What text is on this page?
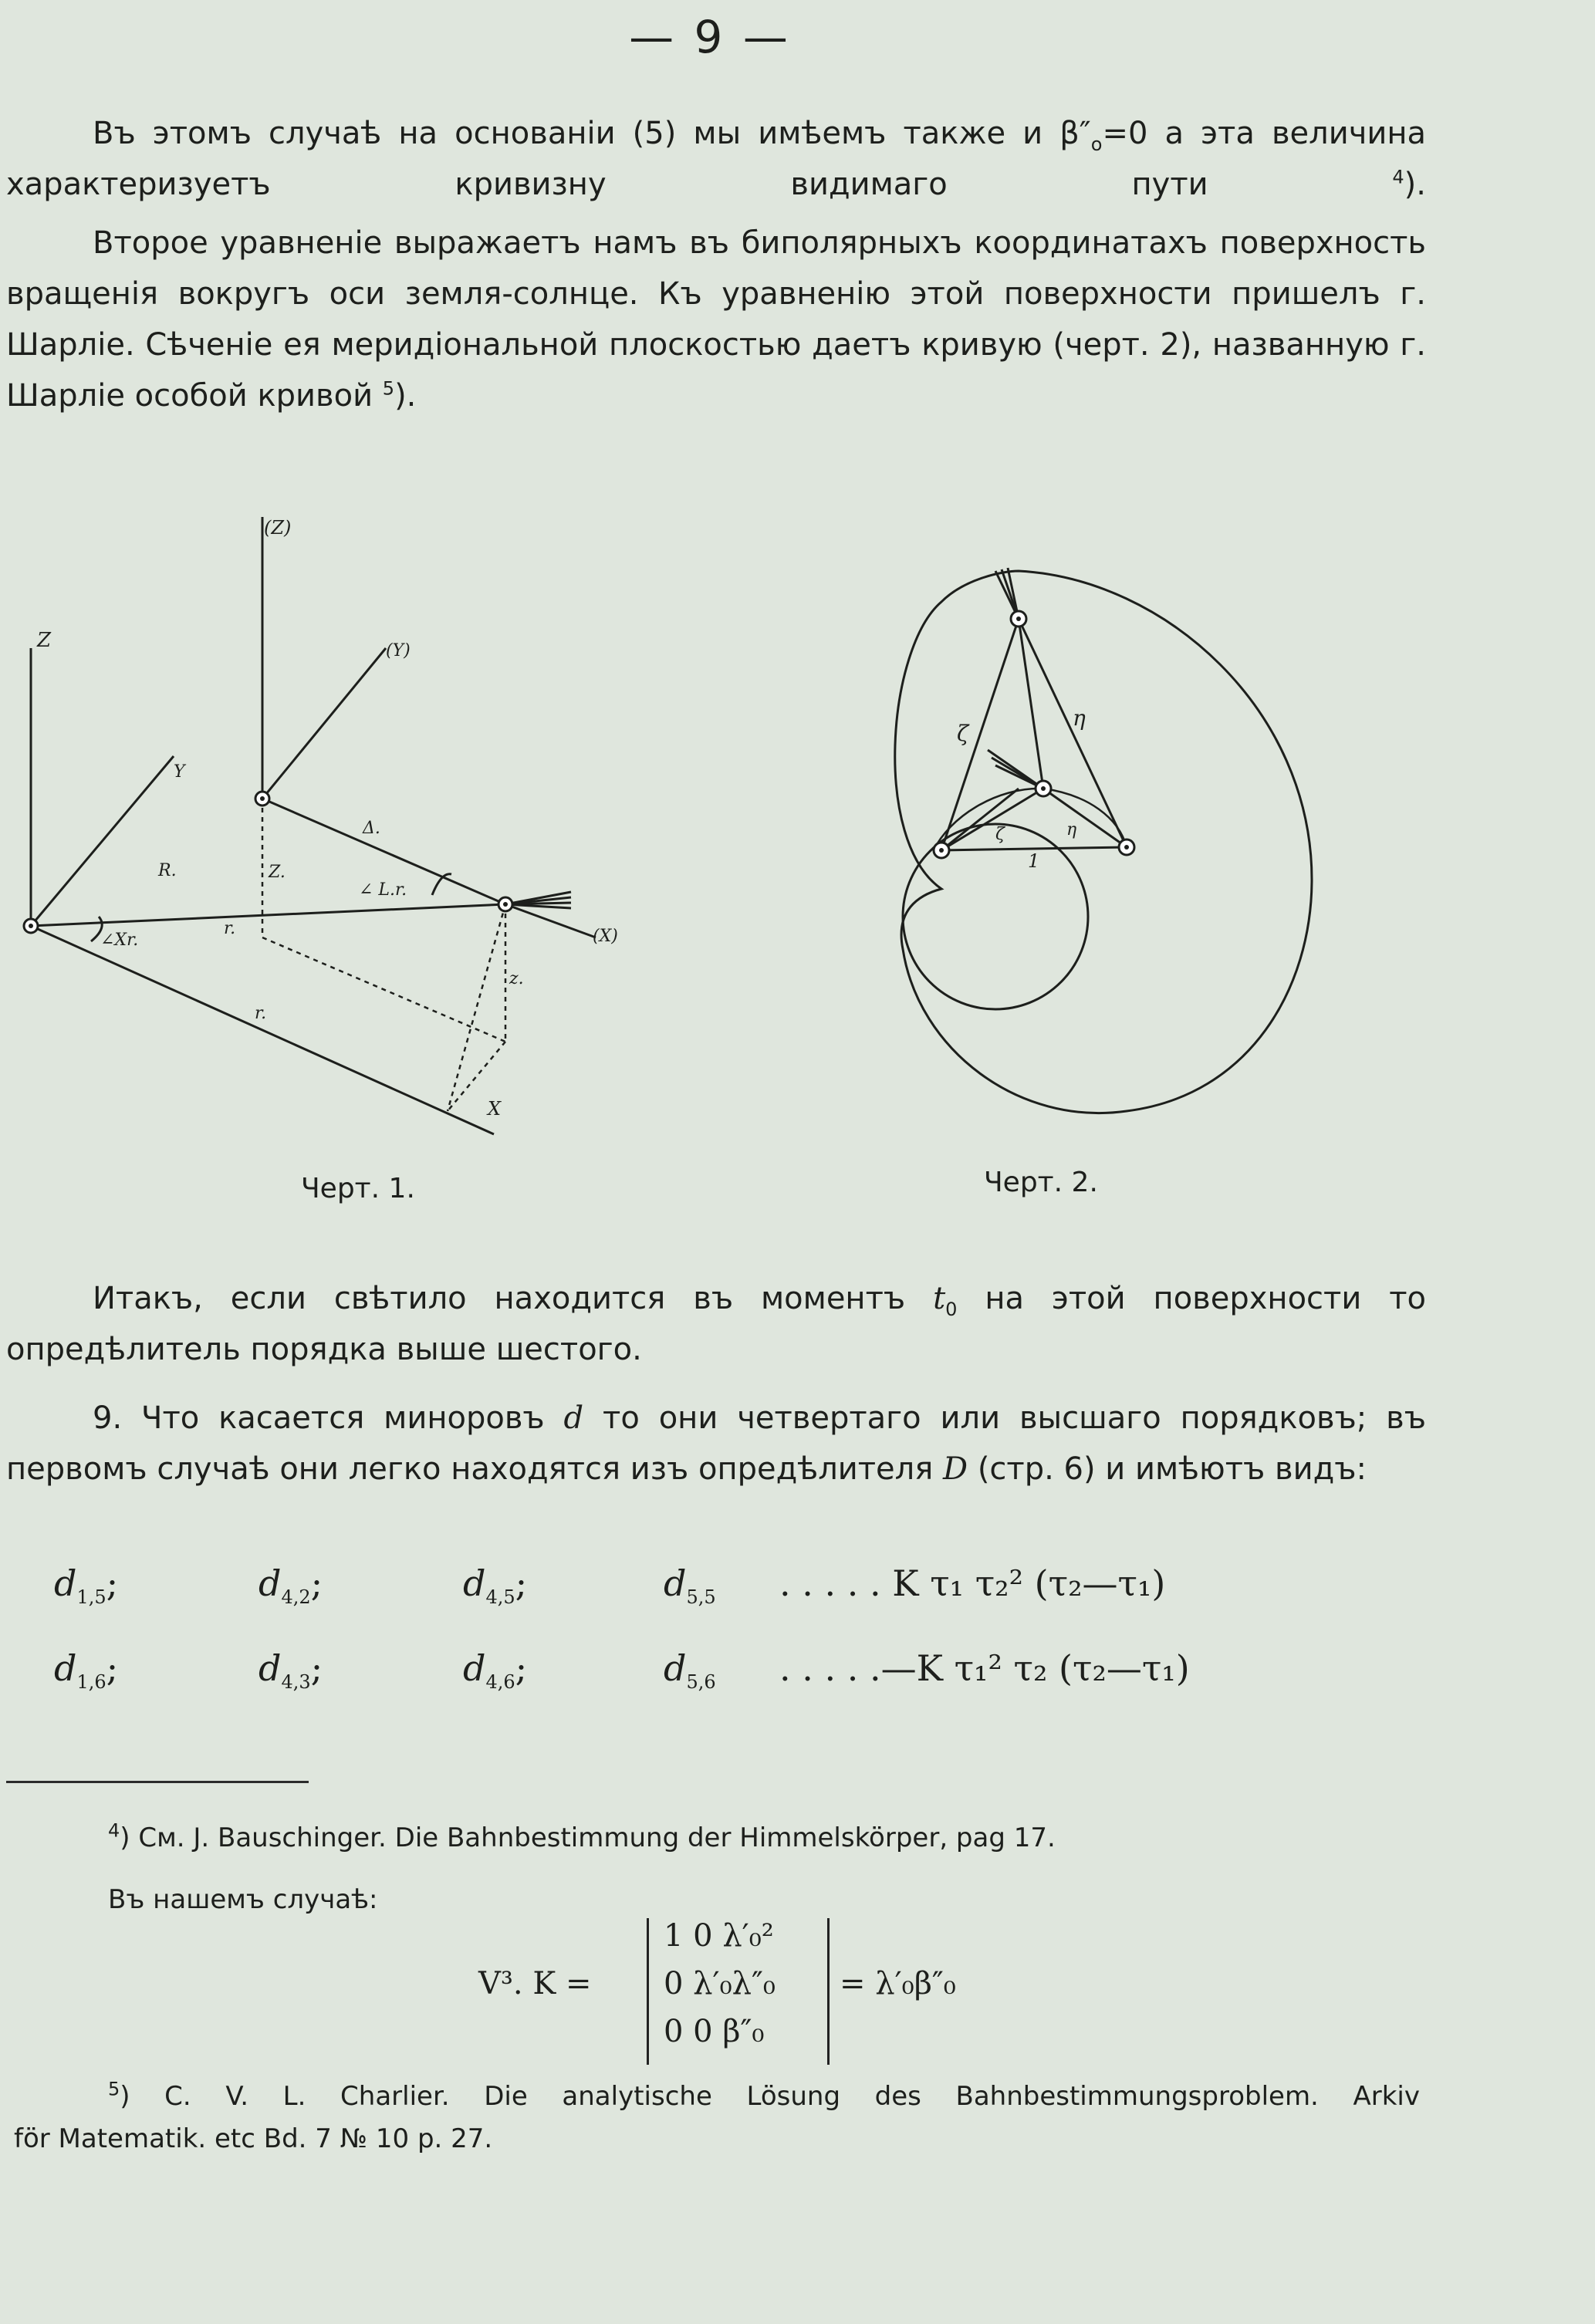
— 9 —
Въ этомъ случаѣ на основаніи (5) мы имѣемъ также и $\beta''_o=0$ а эта величина характеризуетъ кривизну видимаго пути	$^4$).
Второе уравненіе выражаетъ намъ въ биполярныхъ координатахъ поверхность вращенія вокругъ оси земля-солнце. Къ уравненію этой поверхности пришелъ г. Шарліе. Сѣченіе ея меридіональной плоскостью даетъ кривую (черт. 2), названную г. Шарліе особой кривой $^5$).
(Z)
Z	(Y)
Y
R.	Z.
Δ.
∠ L.r.
r.
∠Xr.	(X)
z.
r.
X
Черт. 1.
ζ
η
ζ	η
1
Черт. 2.
Итакъ, если свѣтило находится въ моментъ $t_0$ на этой поверхности то опредѣлитель порядка выше шестого.
9. Что касается миноровъ d то они четвертаго или высшаго порядковъ; въ первомъ случаѣ они легко находятся изъ опредѣлителя D (стр. 6) и имѣютъ видъ:
$d_{1,5}$;	$d_{4,2}$;	$d_{4,5}$;	$d_{5,5}$ . . . . . K τ₁ τ₂² (τ₂—τ₁)
$d_{1,6}$;	$d_{4,3}$;	$d_{4,6}$;	$d_{5,6}$ . . . . .—K τ₁² τ₂ (τ₂—τ₁)
$^4$) См. J. Bauschinger. Die Bahnbestimmung der Himmelskörper, pag 17.
Въ нашемъ случаѣ:
V³. K =
1 0 λ′₀²
0 λ′₀λ″₀
0 0 β″₀
= λ′₀β″₀
$^5$) C. V. L. Charlier. Die analytische Lösung des Bahnbestimmungsproblem. Arkiv
för Matematik. etc Bd. 7 № 10 p. 27.
